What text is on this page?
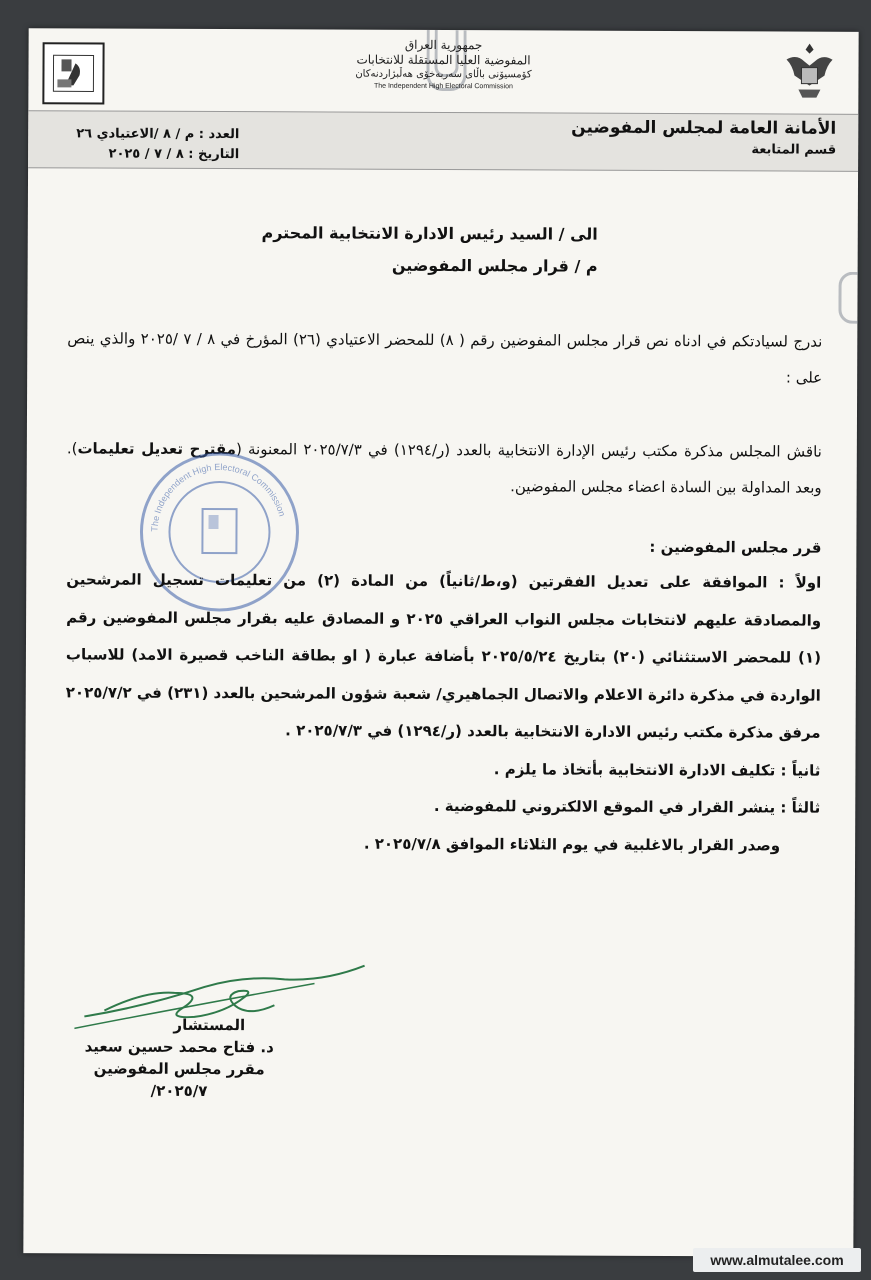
جمهورية العراق
المفوضية العليا المستقلة للانتخابات
كۆمسیۆنی باڵای سەربەخۆی هەڵبژاردنەکان
The Independent High Electoral Commission
الأمانة العامة لمجلس المفوضين
قسم المتابعة
العدد : م / ٨ /الاعتيادي ٢٦
التاريخ : ٨ / ٧ / ٢٠٢٥
الى / السيد رئيس الادارة الانتخابية المحترم
م / قرار مجلس المفوضين
ندرج لسيادتكم في ادناه نص قرار مجلس المفوضين رقم ( ٨) للمحضر الاعتيادي (٢٦) المؤرخ في ٨ / ٧ /٢٠٢٥ والذي ينص على :
ناقش المجلس مذكرة مكتب رئيس الإدارة الانتخابية بالعدد (ر/١٢٩٤) في ٢٠٢٥/٧/٣ المعنونة (مقترح تعديل تعليمات). وبعد المداولة بين السادة اعضاء مجلس المفوضين.
The Independent High Electoral Commission
قرر مجلس المفوضين :

اولاً : الموافقة على تعديل الفقرتين (و،ط/ثانياً) من المادة (٢) من تعليمات تسجيل المرشحين والمصادقة عليهم لانتخابات مجلس النواب العراقي ٢٠٢٥ و المصادق عليه بقرار مجلس المفوضين رقم (١) للمحضر الاستثنائي (٢٠) بتاريخ ٢٠٢٥/٥/٢٤ بأضافة عبارة ( او بطاقة الناخب قصيرة الامد) للاسباب الواردة في مذكرة دائرة الاعلام والاتصال الجماهيري/ شعبة شؤون المرشحين بالعدد (٢٣١) في ٢٠٢٥/٧/٢ مرفق مذكرة مكتب رئيس الادارة الانتخابية بالعدد (ر/١٢٩٤) في ٢٠٢٥/٧/٣ .

ثانياً : تكليف الادارة الانتخابية بأتخاذ ما يلزم .

ثالثاً : ينشر القرار في الموقع الالكتروني للمفوضية .

وصدر القرار بالاغلبية في يوم الثلاثاء الموافق ٢٠٢٥/٧/٨ .

المستشار
د. فتاح محمد حسين سعيد
مقرر مجلس المفوضين
٢٠٢٥/٧/
www.almutalee.com
